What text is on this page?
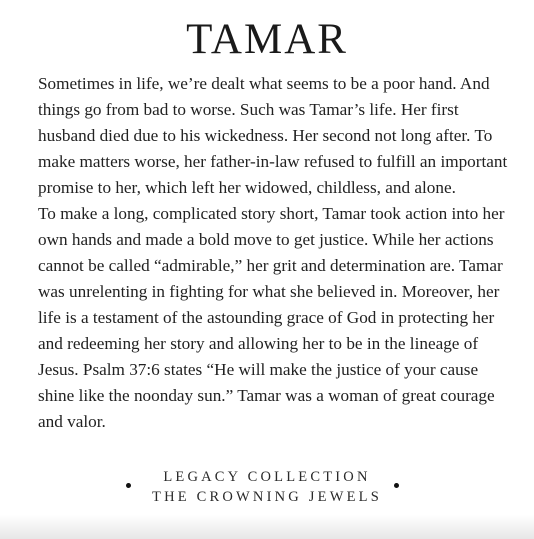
TAMAR

Sometimes in life, we’re dealt what seems to be a poor hand. And things go from bad to worse. Such was Tamar’s life. Her first husband died due to his wickedness. Her second not long after. To make matters worse, her father-in-law refused to fulfill an important promise to her, which left her widowed, childless, and alone.

To make a long, complicated story short, Tamar took action into her own hands and made a bold move to get justice. While her actions cannot be called “admirable,” her grit and determination are. Tamar was unrelenting in fighting for what she believed in. Moreover, her life is a testament of the astounding grace of God in protecting her and redeeming her story and allowing her to be in the lineage of Jesus. Psalm 37:6 states “He will make the justice of your cause shine like the noonday sun.” Tamar was a woman of great courage and valor.

LEGACY COLLECTION
THE CROWNING JEWELS
